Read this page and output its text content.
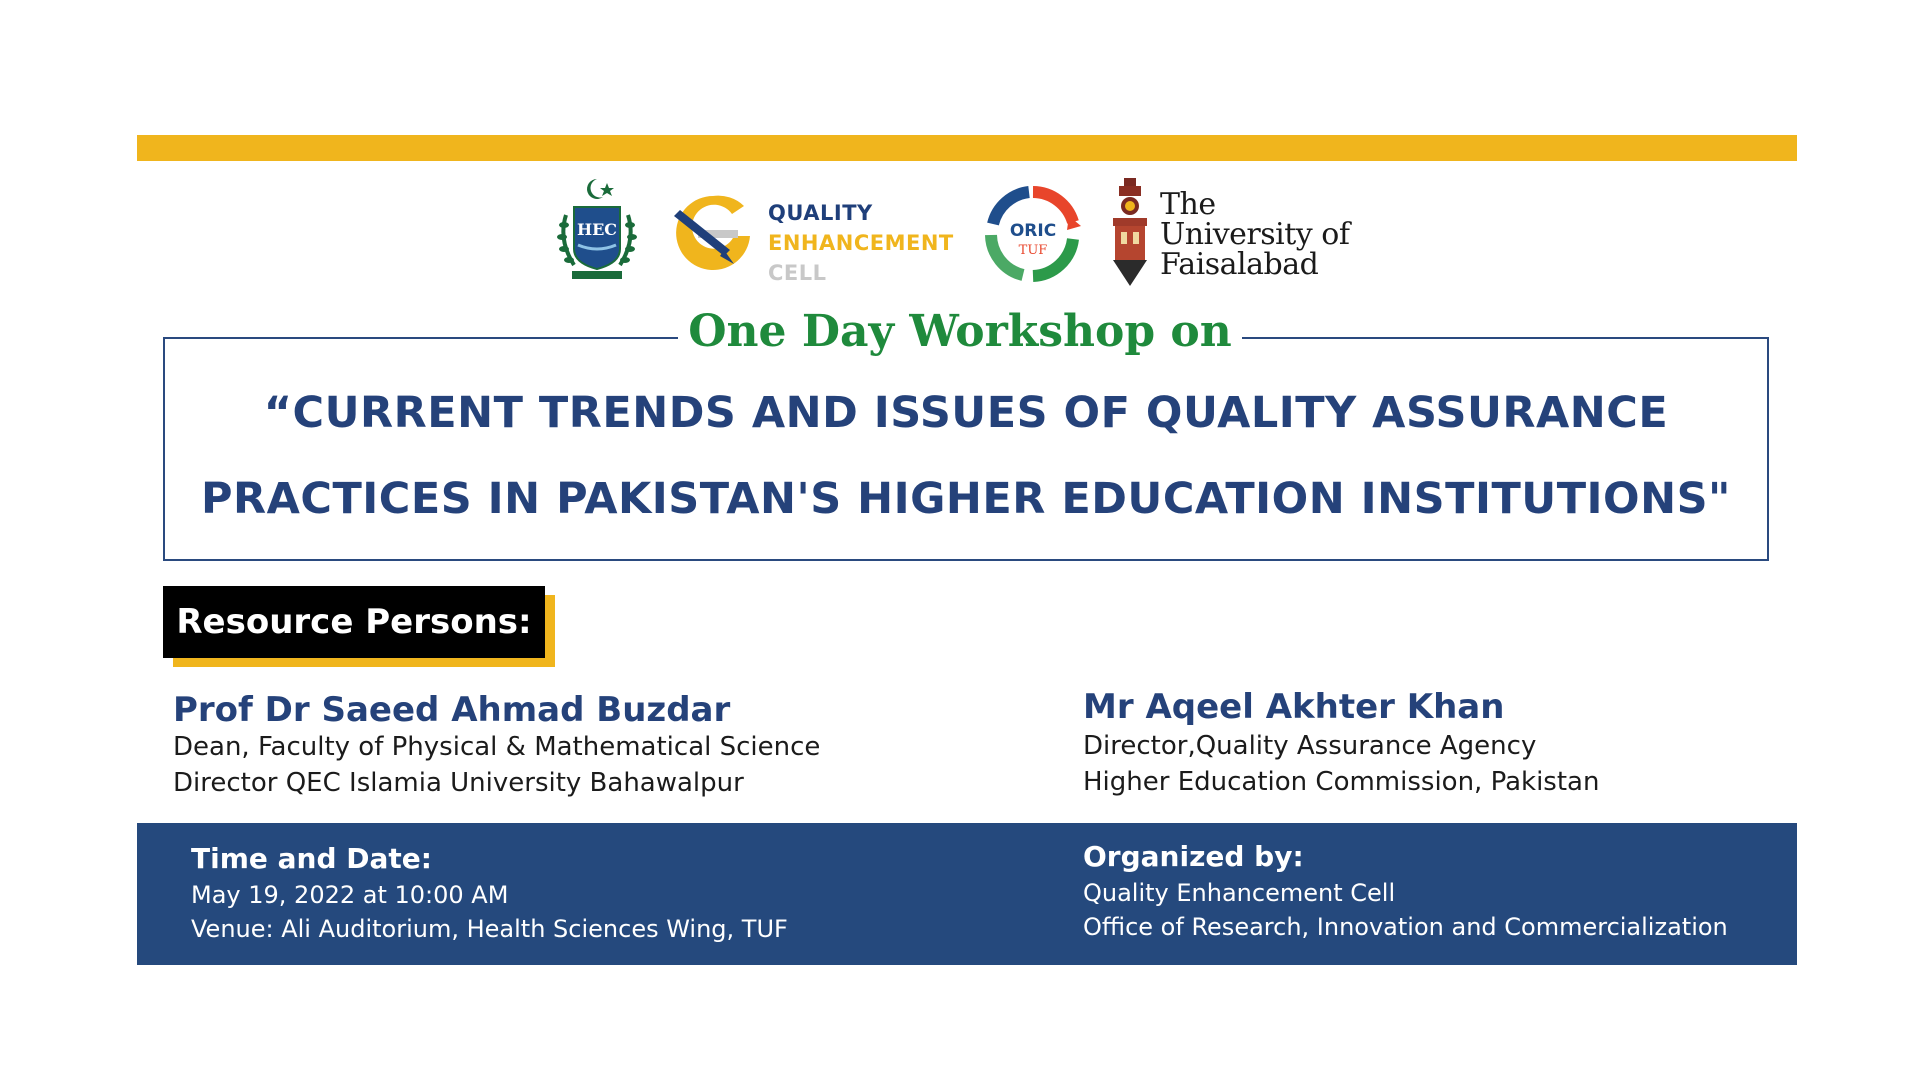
HEC
QUALITY
ENHANCEMENT
CELL
ORIC
TUF
The
University of
Faisalabad
One Day Workshop on
“CURRENT TRENDS AND ISSUES OF QUALITY ASSURANCE
PRACTICES IN PAKISTAN'S HIGHER EDUCATION INSTITUTIONS"
Resource Persons:
Prof Dr Saeed Ahmad Buzdar
Dean, Faculty of Physical & Mathematical Science
Director QEC Islamia University Bahawalpur
Mr Aqeel Akhter Khan
Director,Quality Assurance Agency
Higher Education Commission, Pakistan
Time and Date:
May 19, 2022 at 10:00 AM
Venue: Ali Auditorium, Health Sciences Wing, TUF
Organized by:
Quality Enhancement Cell
Office of Research, Innovation and Commercialization
